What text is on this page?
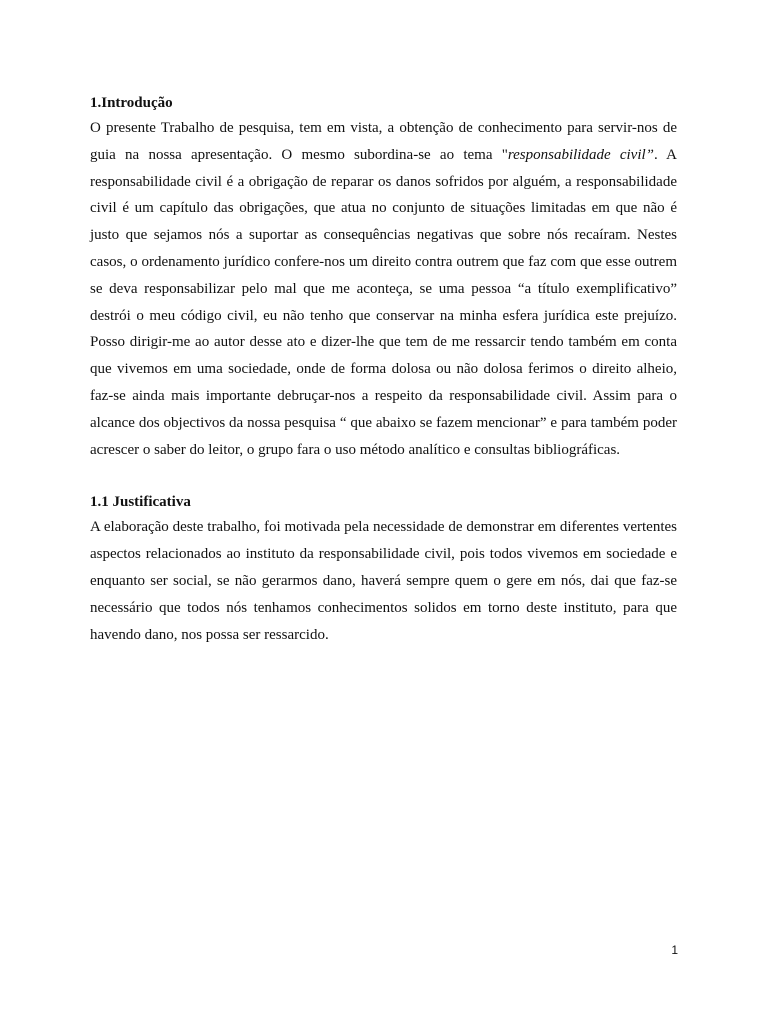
1.Introdução

O presente Trabalho de pesquisa, tem em vista, a obtenção de conhecimento para servir-nos de guia na nossa apresentação. O mesmo subordina-se ao tema "responsabilidade civil”. A responsabilidade civil é a obrigação de reparar os danos sofridos por alguém, a responsabilidade civil é um capítulo das obrigações, que atua no conjunto de situações limitadas em que não é justo que sejamos nós a suportar as consequências negativas que sobre nós recaíram. Nestes casos, o ordenamento jurídico confere-nos um direito contra outrem que faz com que esse outrem se deva responsabilizar pelo mal que me aconteça, se uma pessoa “a título exemplificativo” destrói o meu código civil, eu não tenho que conservar na minha esfera jurídica este prejuízo. Posso dirigir-me ao autor desse ato e dizer-lhe que tem de me ressarcir tendo também em conta que vivemos em uma sociedade, onde de forma dolosa ou não dolosa ferimos o direito alheio, faz-se ainda mais importante debruçar-nos a respeito da responsabilidade civil. Assim para o alcance dos objectivos da nossa pesquisa “ que abaixo se fazem mencionar” e para também poder acrescer o saber do leitor, o grupo fara o uso método analítico e consultas bibliográficas.

1.1 Justificativa

A elaboração deste trabalho, foi motivada pela necessidade de demonstrar em diferentes vertentes aspectos relacionados ao instituto da responsabilidade civil, pois todos vivemos em sociedade e enquanto ser social, se não gerarmos dano, haverá sempre quem o gere em nós, dai que faz-se necessário que todos nós tenhamos conhecimentos solidos em torno deste instituto, para que havendo dano, nos possa ser ressarcido.

1
